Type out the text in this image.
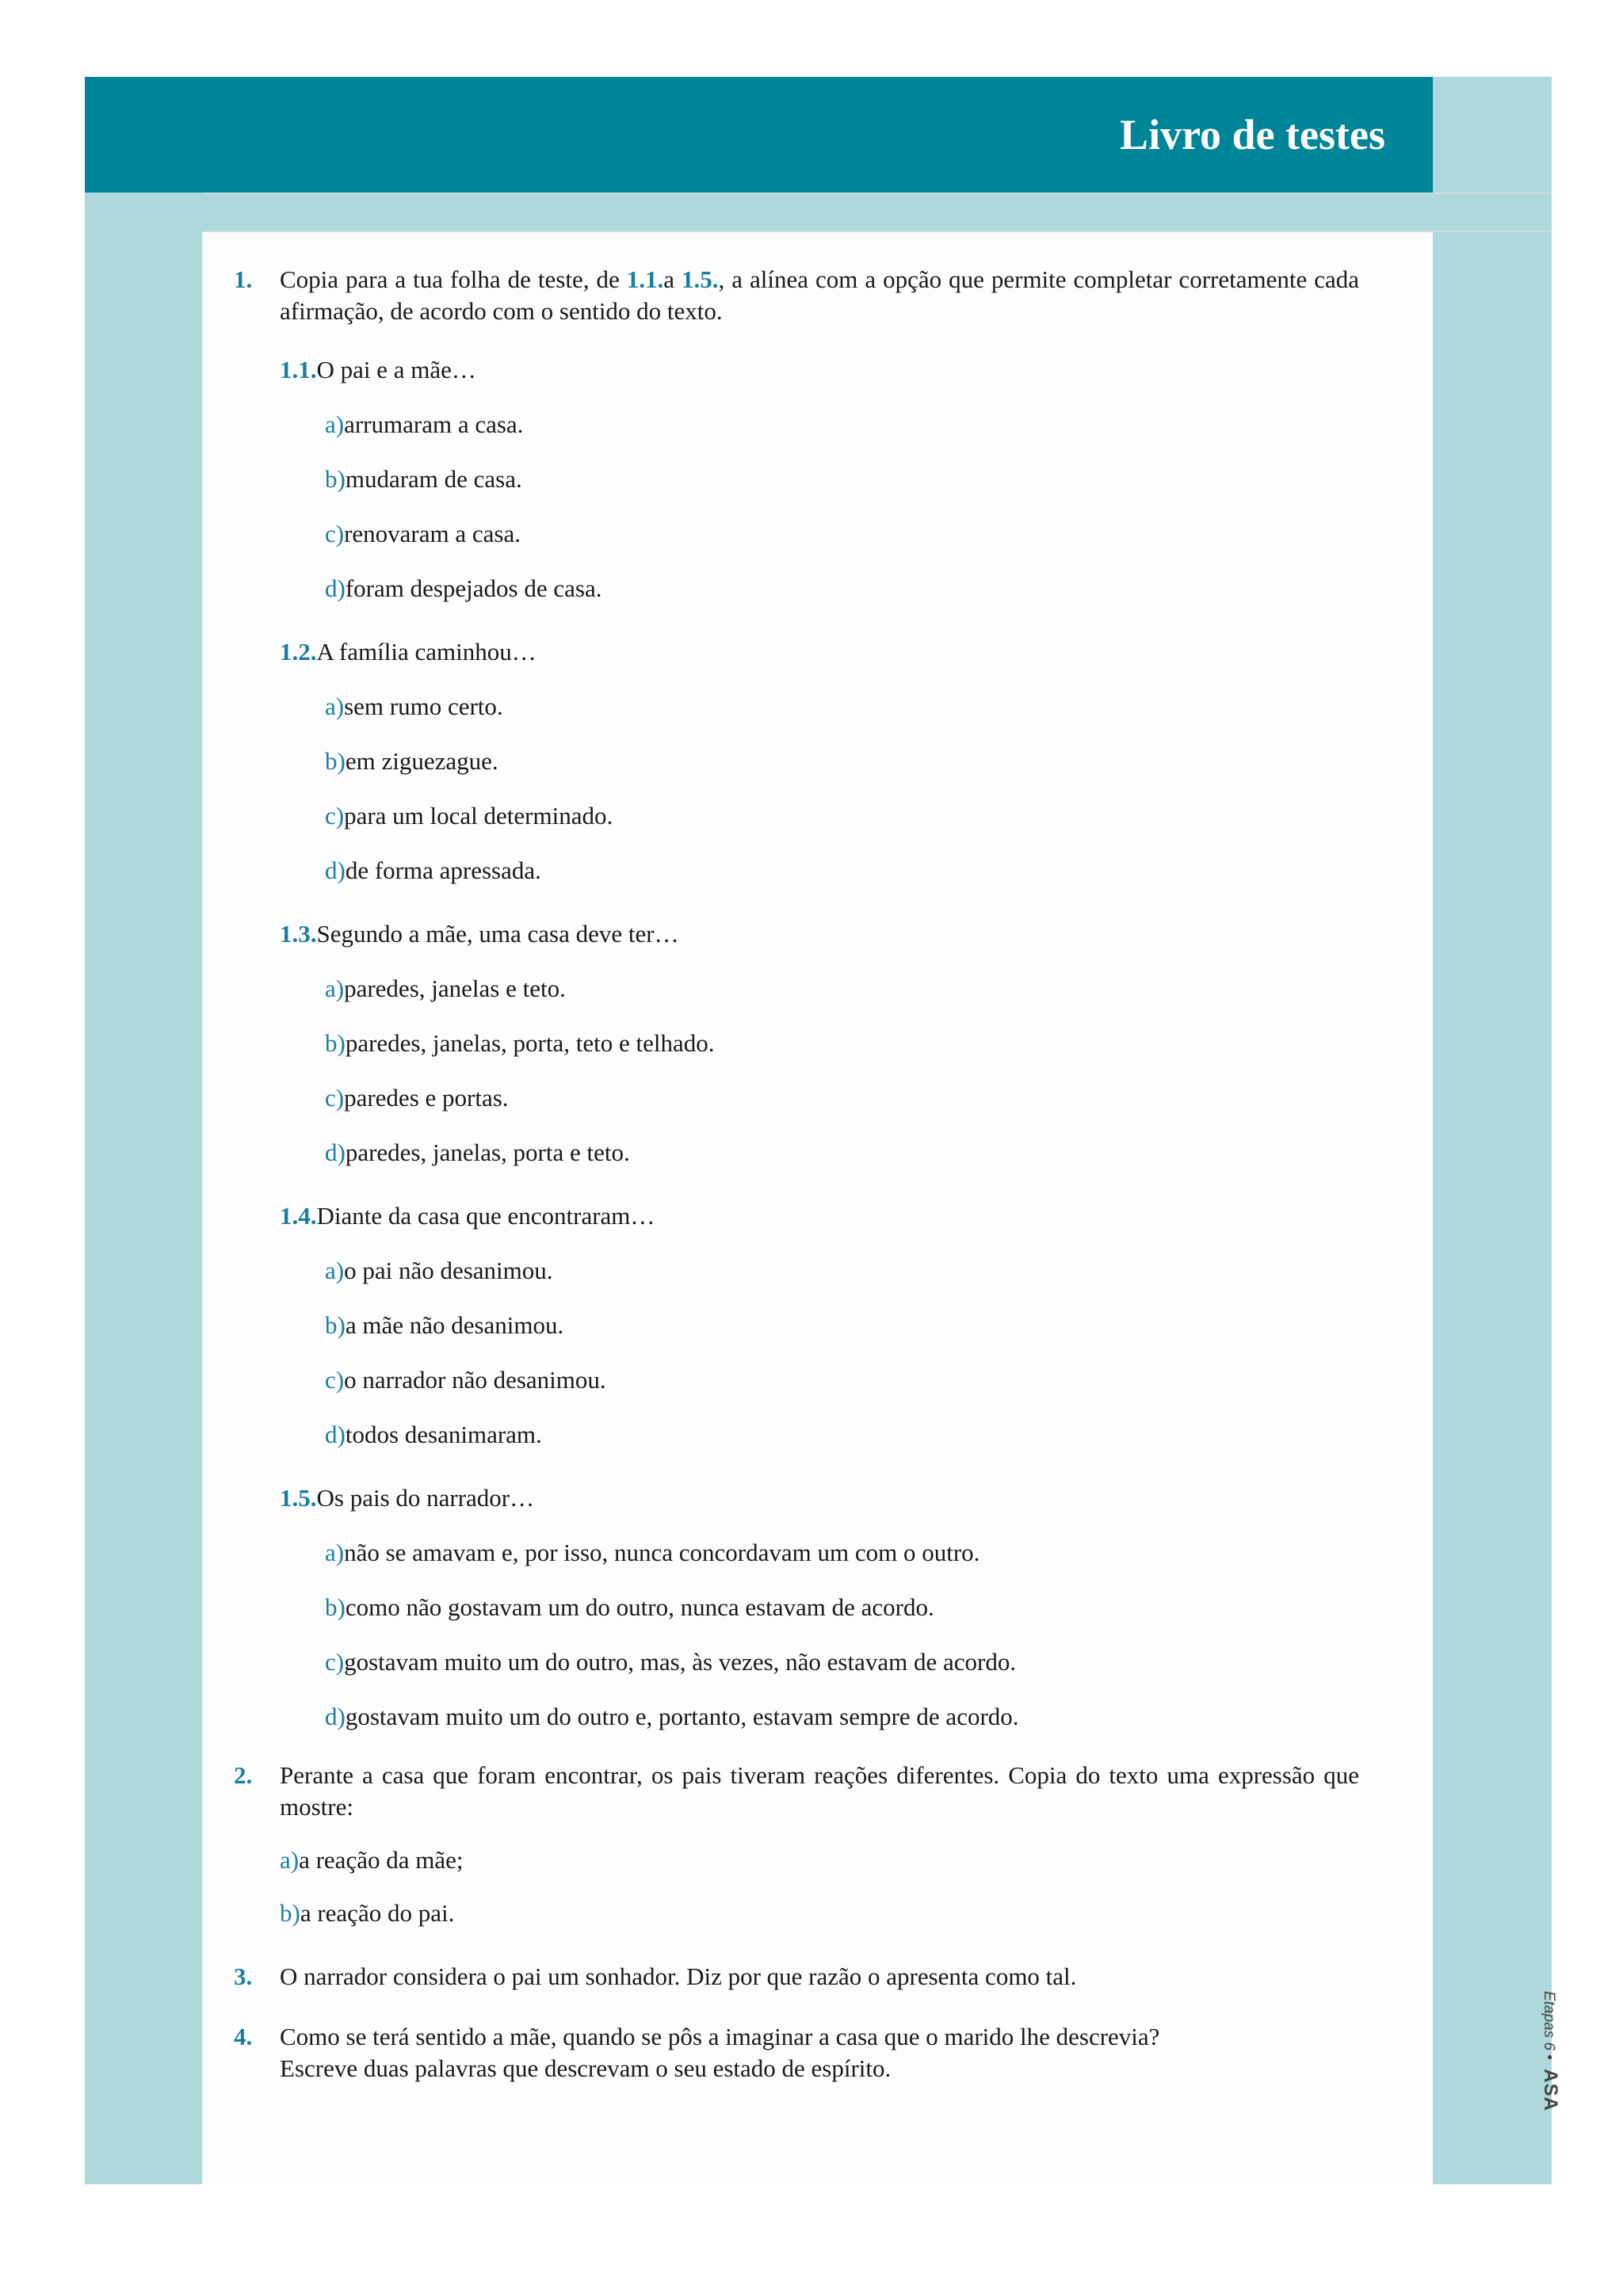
Livro de testes
Etapas 6 • ASA
1. Copia para a tua folha de teste, de 1.1.a 1.5., a alínea com a opção que permite completar corretamente cada afirmação, de acordo com o sentido do texto.
1.1.O pai e a mãe…
a)arrumaram a casa.
b)mudaram de casa.
c)renovaram a casa.
d)foram despejados de casa.
1.2.A família caminhou…
a)sem rumo certo.
b)em ziguezague.
c)para um local determinado.
d)de forma apressada.
1.3.Segundo a mãe, uma casa deve ter…
a)paredes, janelas e teto.
b)paredes, janelas, porta, teto e telhado.
c)paredes e portas.
d)paredes, janelas, porta e teto.
1.4.Diante da casa que encontraram…
a)o pai não desanimou.
b)a mãe não desanimou.
c)o narrador não desanimou.
d)todos desanimaram.
1.5.Os pais do narrador…
a)não se amavam e, por isso, nunca concordavam um com o outro.
b)como não gostavam um do outro, nunca estavam de acordo.
c)gostavam muito um do outro, mas, às vezes, não estavam de acordo.
d)gostavam muito um do outro e, portanto, estavam sempre de acordo.
2. Perante a casa que foram encontrar, os pais tiveram reações diferentes. Copia do texto uma expressão que mostre:
a)a reação da mãe;
b)a reação do pai.
3. O narrador considera o pai um sonhador. Diz por que razão o apresenta como tal.
4. Como se terá sentido a mãe, quando se pôs a imaginar a casa que o marido lhe descrevia?
Escreve duas palavras que descrevam o seu estado de espírito.
